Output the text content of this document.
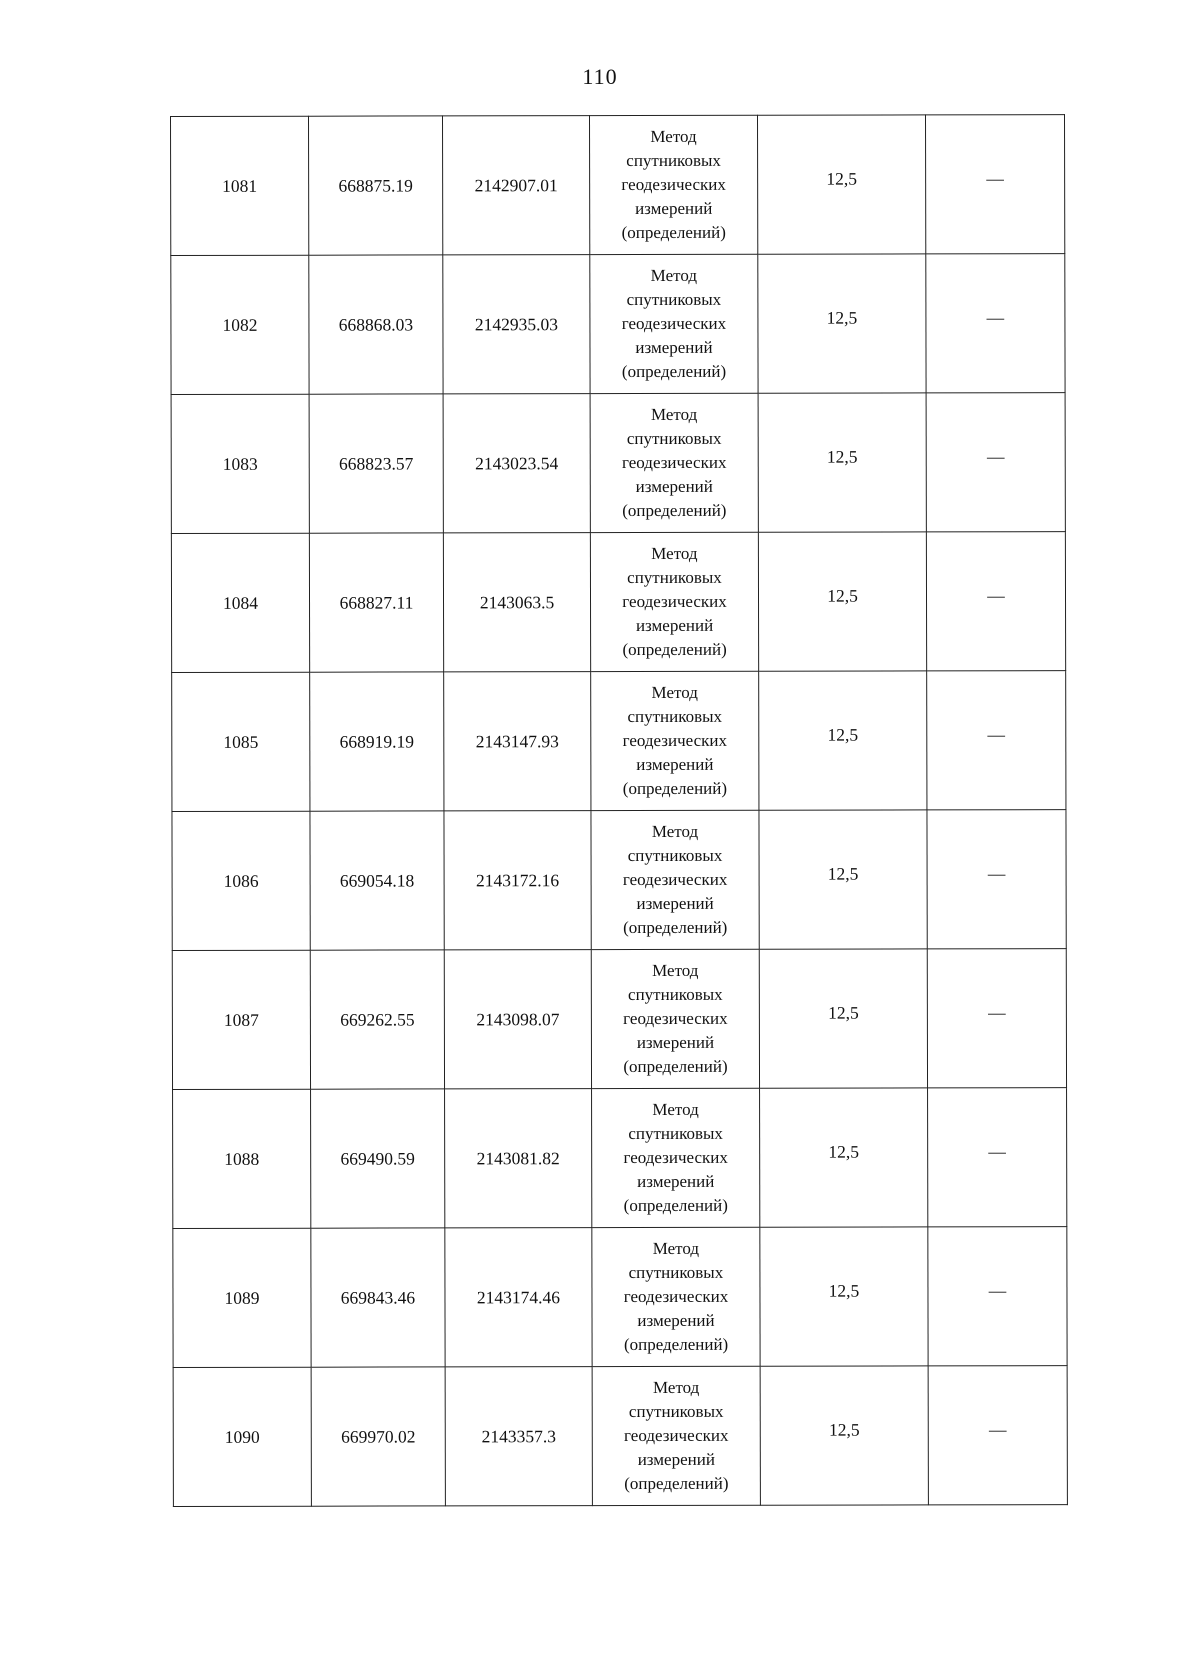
110
1081	668875.19	2142907.01	Метод
спутниковых
геодезических
измерений
(определений)	12,5	—
1082	668868.03	2142935.03	Метод
спутниковых
геодезических
измерений
(определений)	12,5	—
1083	668823.57	2143023.54	Метод
спутниковых
геодезических
измерений
(определений)	12,5	—
1084	668827.11	2143063.5	Метод
спутниковых
геодезических
измерений
(определений)	12,5	—
1085	668919.19	2143147.93	Метод
спутниковых
геодезических
измерений
(определений)	12,5	—
1086	669054.18	2143172.16	Метод
спутниковых
геодезических
измерений
(определений)	12,5	—
1087	669262.55	2143098.07	Метод
спутниковых
геодезических
измерений
(определений)	12,5	—
1088	669490.59	2143081.82	Метод
спутниковых
геодезических
измерений
(определений)	12,5	—
1089	669843.46	2143174.46	Метод
спутниковых
геодезических
измерений
(определений)	12,5	—
1090	669970.02	2143357.3	Метод
спутниковых
геодезических
измерений
(определений)	12,5	—
